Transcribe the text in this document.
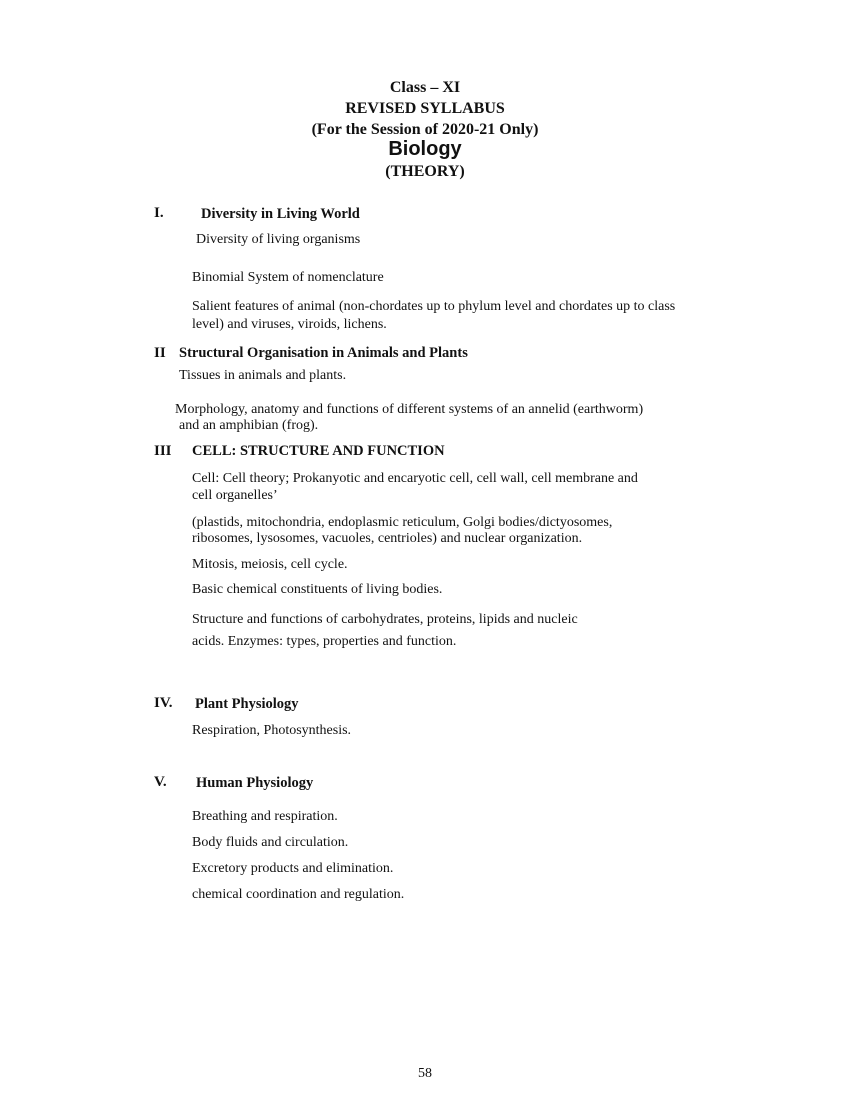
Class – XI
REVISED SYLLABUS
(For the Session of 2020-21 Only)
Biology
(THEORY)
I.	Diversity in Living World
Diversity of living organisms
Binomial System of nomenclature
Salient features of animal (non-chordates up to phylum level and chordates up to class
level) and viruses, viroids, lichens.
II Structural Organisation in Animals and Plants
Tissues in animals and plants.
Morphology, anatomy and functions of different systems of an annelid (earthworm)
and an amphibian (frog).
III CELL: STRUCTURE AND FUNCTION
Cell: Cell theory; Prokanyotic and encaryotic cell, cell wall, cell membrane and
cell organelles’
(plastids, mitochondria, endoplasmic reticulum, Golgi bodies/dictyosomes,
ribosomes, lysosomes, vacuoles, centrioles) and nuclear organization.
Mitosis, meiosis, cell cycle.
Basic chemical constituents of living bodies.
Structure and functions of carbohydrates, proteins, lipids and nucleic
acids. Enzymes: types, properties and function.
IV. Plant Physiology
Respiration, Photosynthesis.
V. Human Physiology
Breathing and respiration.
Body fluids and circulation.
Excretory products and elimination.
chemical coordination and regulation.
58
